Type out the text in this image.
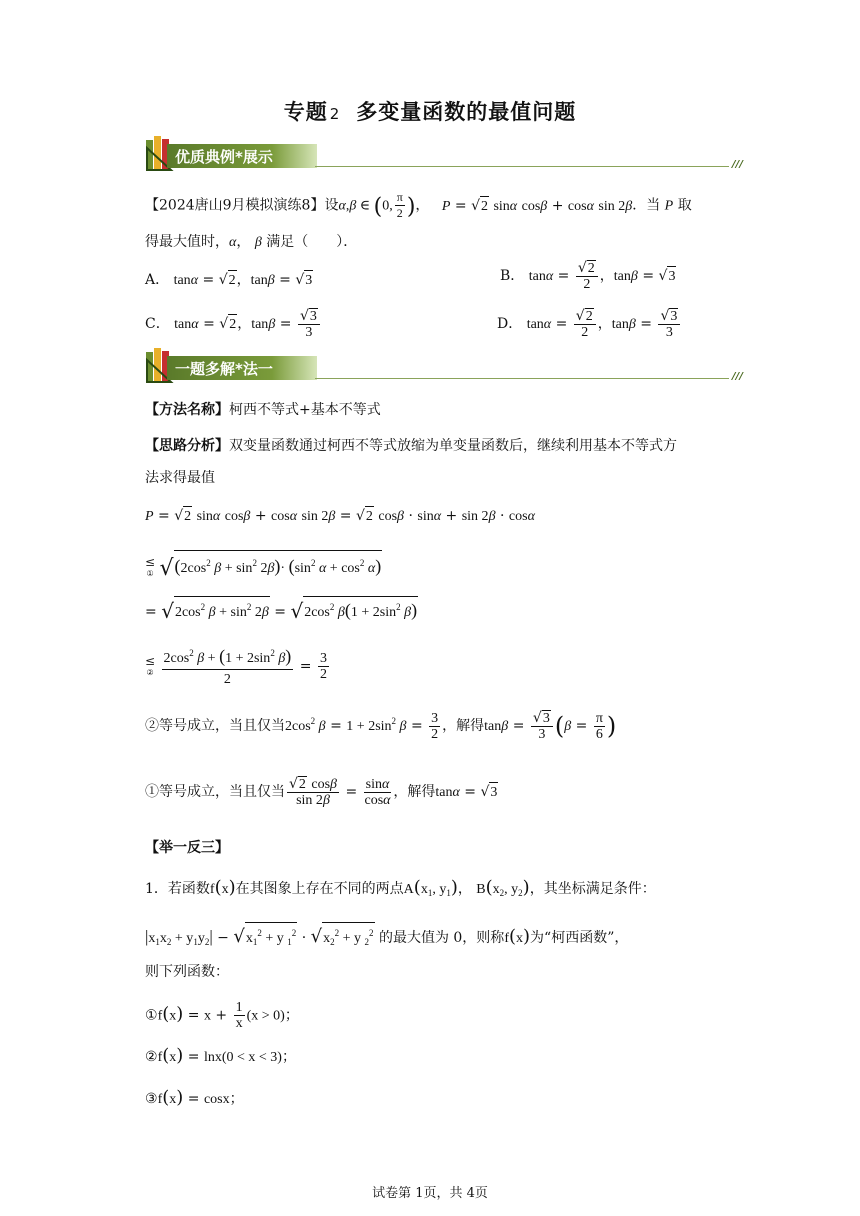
专题 2 多变量函数的最值问题
优质典例*展示	///
【2024唐山9月模拟演练8】设α,β ∈ (0, $\frac{\pi}{2}$ )， P = √2 sinα cosβ + cosα sin 2β．当 P 取
得最大值时，α， β 满足（　　）．
A． tanα = √2，tanβ = √3	B． $\tan\alpha = \frac{√2}{2}$ ，tanβ = √3
C． tanα = √2，$\tan\beta = \frac{√3}{3}$	D． $\tan\alpha = \frac{√2}{2}$ ，$\tan\beta = \frac{√3}{3}$
一题多解*法一	///
【方法名称】柯西不等式+基本不等式
【思路分析】双变量函数通过柯西不等式放缩为单变量函数后，继续利用基本不等式方
法求得最值
P = √2 sinα cosβ + cosα sin 2β = √2 cosβ · sinα + sin 2β · cosα
≤
① $√(2\cos^2$ $\beta + \sin^2 2\beta)\cdot (\sin^2$ $\alpha + \cos^2 \alpha$)
= $√2\cos^2$ $\beta + \sin^2 2\beta = √2\cos^2$ $\beta(1 + 2\sin^2$ β)
≤
② $\frac{2\cos^2 \beta + (1 + 2\sin^2 \beta)}{2} = \frac{3}{2}$
②等号成立，当且仅当$2\cos^2$ $\beta = 1 + 2\sin^2$ $\beta = \frac{3}{2}$ ，解得$\tan\beta = \frac{√3}{3} (\beta = \frac{\pi}{6}$ )
①等号成立，当且仅当 $\frac{√2 \cos\beta}{\sin 2\beta} = \frac{\sin\alpha}{\cos\alpha}$ ，解得tanα = √3
【举一反三】
1．若函数f(x)在其图象上存在不同的两点$A(x_1$, $y_1$)， $B(x_2$, $y_2$)，其坐标满足条件：
$|x_1x_2 + y_1y_2| - √x_1^2 + y$ $_1^2 \cdot √x_2^2 + y$ $_2^2$ 的最大值为 0，则称f(x)为“柯西函数”，
则下列函数：
①f(x) = $x + \frac{1}{x} (x > 0)$；
②f(x) = lnx(0 < x < 3)；
③f(x) = cosx；
试卷第 1页，共 4页
